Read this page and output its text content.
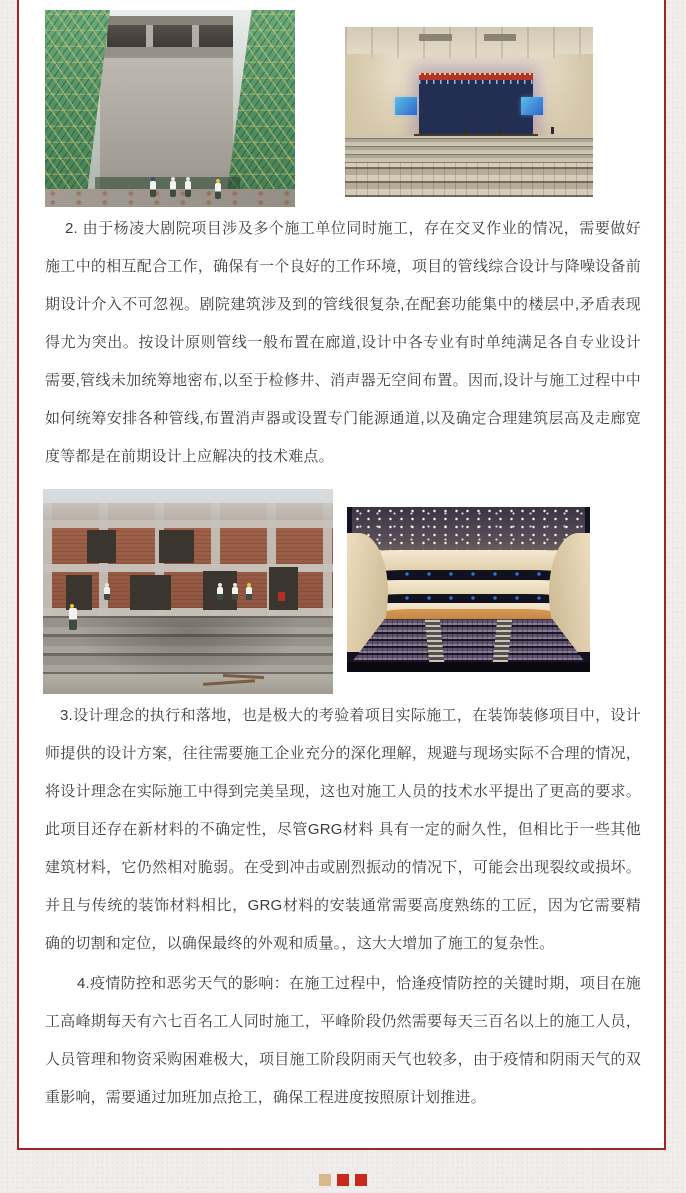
2. 由于杨凌大剧院项目涉及多个施工单位同时施工，存在交叉作业的情况，需要做好施工中的相互配合工作，确保有一个良好的工作环境，项目的管线综合设计与降噪设备前期设计介入不可忽视。剧院建筑涉及到的管线很复杂,在配套功能集中的楼层中,矛盾表现得尤为突出。按设计原则管线一般布置在廊道,设计中各专业有时单纯满足各自专业设计需要,管线未加统筹地密布,以至于检修井、消声器无空间布置。因而,设计与施工过程中中如何统筹安排各种管线,布置消声器或设置专门能源通道,以及确定合理建筑层高及走廊宽度等都是在前期设计上应解决的技术难点。

3.设计理念的执行和落地，也是极大的考验着项目实际施工，在装饰装修项目中，设计师提供的设计方案，往往需要施工企业充分的深化理解，规避与现场实际不合理的情况，将设计理念在实际施工中得到完美呈现，这也对施工人员的技术水平提出了更高的要求。此项目还存在新材料的不确定性，尽管GRG材料 具有一定的耐久性，但相比于一些其他建筑材料，它仍然相对脆弱。在受到冲击或剧烈振动的情况下，可能会出现裂纹或损坏。并且与传统的装饰材料相比，GRG材料的安装通常需要高度熟练的工匠，因为它需要精确的切割和定位，以确保最终的外观和质量。，这大大增加了施工的复杂性。

4.疫情防控和恶劣天气的影响：在施工过程中，恰逢疫情防控的关键时期，项目在施工高峰期每天有六七百名工人同时施工，平峰阶段仍然需要每天三百名以上的施工人员，人员管理和物资采购困难极大，项目施工阶段阴雨天气也较多，由于疫情和阴雨天气的双重影响，需要通过加班加点抢工，确保工程进度按照原计划推进。
